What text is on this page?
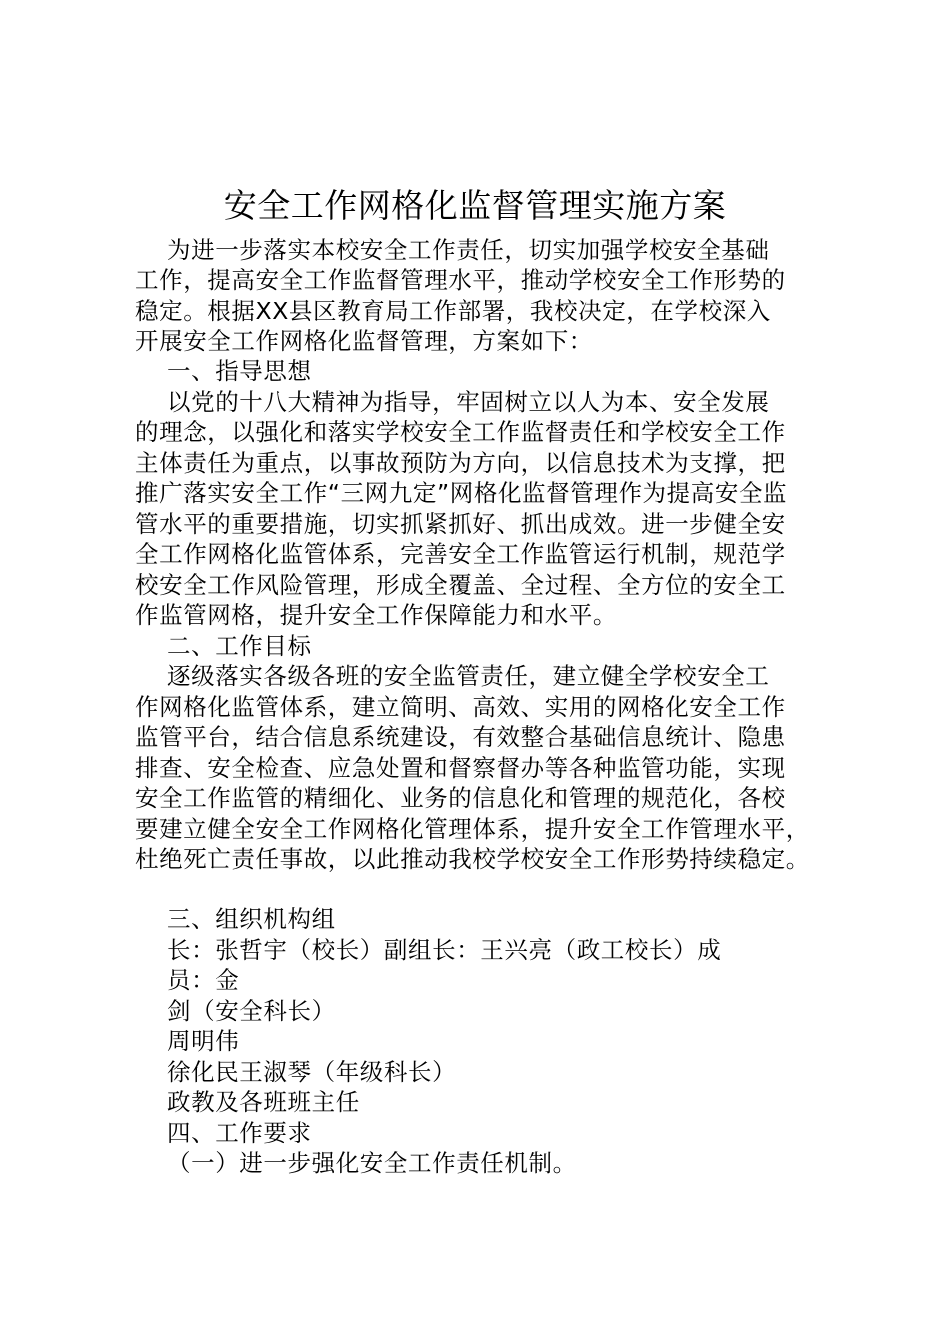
安全工作网格化监督管理实施方案
为进一步落实本校安全工作责任，切实加强学校安全基础
工作，提高安全工作监督管理水平，推动学校安全工作形势的
稳定。根据XX县区教育局工作部署，我校决定，在学校深入
开展安全工作网格化监督管理，方案如下：
一、指导思想
以党的十八大精神为指导，牢固树立以人为本、安全发展
的理念，以强化和落实学校安全工作监督责任和学校安全工作
主体责任为重点，以事故预防为方向，以信息技术为支撑，把
推广落实安全工作“三网九定”网格化监督管理作为提高安全监
管水平的重要措施，切实抓紧抓好、抓出成效。进一步健全安
全工作网格化监管体系，完善安全工作监管运行机制，规范学
校安全工作风险管理，形成全覆盖、全过程、全方位的安全工
作监管网格，提升安全工作保障能力和水平。
二、工作目标
逐级落实各级各班的安全监管责任，建立健全学校安全工
作网格化监管体系，建立简明、高效、实用的网格化安全工作
监管平台，结合信息系统建设，有效整合基础信息统计、隐患
排查、安全检查、应急处置和督察督办等各种监管功能，实现
安全工作监管的精细化、业务的信息化和管理的规范化，各校
要建立健全安全工作网格化管理体系，提升安全工作管理水平，
杜绝死亡责任事故，以此推动我校学校安全工作形势持续稳定。
三、组织机构组
长：张哲宇（校长）副组长：王兴亮（政工校长）成
员：金
剑（安全科长）
周明伟
徐化民王淑琴（年级科长）
政教及各班班主任
四、工作要求
（一）进一步强化安全工作责任机制。
